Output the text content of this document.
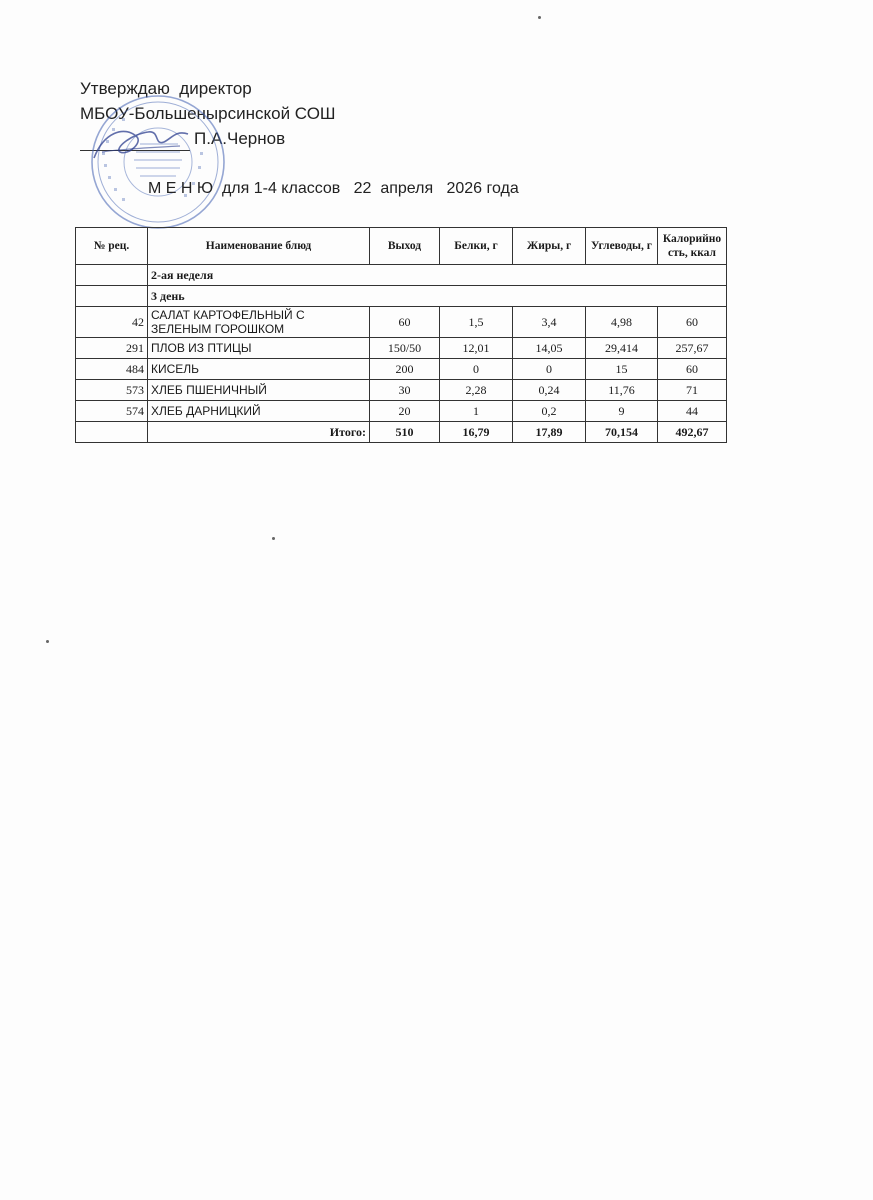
Утверждаю  директор
МБОУ-Большенырсинской СОШ
П.А.Чернов
М Е Н Ю  для 1-4 классов   22  апреля   2026 года
№ рец.	Наименование блюд	Выход	Белки, г	Жиры, г	Углеводы, г	Калорийность, ккал
	2-ая неделя					
	3 день					
42	САЛАТ КАРТОФЕЛЬНЫЙ С ЗЕЛЕНЫМ ГОРОШКОМ	60	1,5	3,4	4,98	60
291	ПЛОВ ИЗ ПТИЦЫ	150/50	12,01	14,05	29,414	257,67
484	КИСЕЛЬ	200	0	0	15	60
573	ХЛЕБ ПШЕНИЧНЫЙ	30	2,28	0,24	11,76	71
574	ХЛЕБ ДАРНИЦКИЙ	20	1	0,2	9	44
	Итого:	510	16,79	17,89	70,154	492,67
